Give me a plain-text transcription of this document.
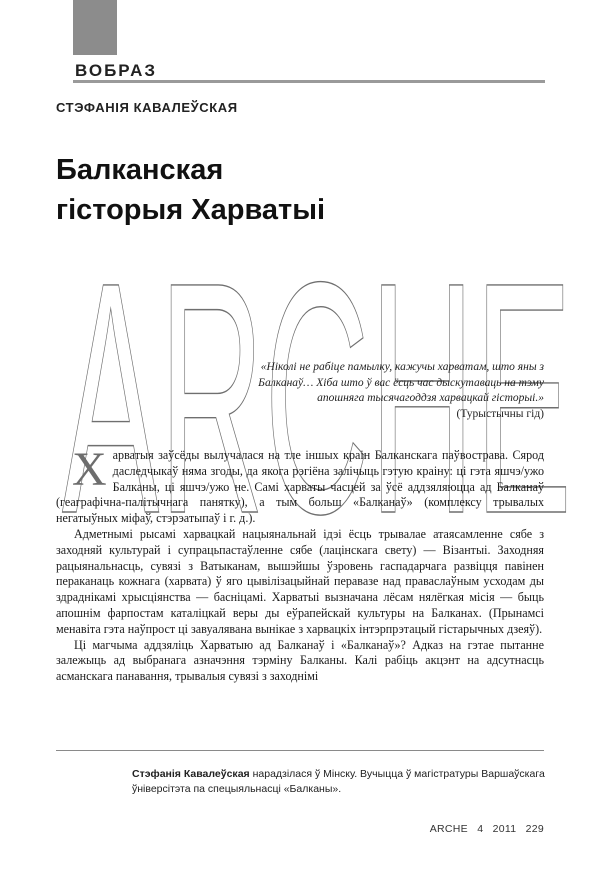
ВОБРАЗ
СТЭФАНІЯ КАВАЛЕЎСКАЯ
Балканская
гісторыя Харватыі
ARCHE
«Ніколі не рабіце памылку, кажучы харватам, што яны з Балканаў… Хіба што ў вас ёсць час дыскутаваць на тэму апошняга тысячагоддзя харвацкай гісторыі.»
(Турыстычны гід)

Харватыя заўсёды вылучалася на тле іншых краін Балканскага паўвострава. Сярод даследчыкаў няма згоды, да якога рэгіёна залічыць гэтую краіну: ці гэта яшчэ/ужо Балканы, ці яшчэ/ужо не. Самі харваты часцей за ўсё аддзяляюцца ад Балканаў (геаграфічна-палітычнага панятку), а тым больш «Балканаў» (комплексу трывалых негатыўных міфаў, стэрэатыпаў і г. д.).

Адметнымі рысамі харвацкай нацыянальнай ідэі ёсць трывалае атаясамленне сябе з заходняй культурай і супрацьпастаўленне сябе (лацінскага свету) — Візантыі. Заходняя рацыянальнасць, сувязі з Ватыканам, вышэйшы ўзровень гаспадарчага развіцця павінен пераканаць кожнага (харвата) ў яго цывілізацыйнай перавазе над праваслаўным усходам ды здраднікамі хрысціянства — басніцамі. Харватыі вызначана лёсам нялёгкая місія — быць апошнім фарпостам каталіцкай веры ды еўрапейскай культуры на Балканах. (Прынамсі менавіта гэта наўпрост ці завуалявана вынікае з харвацкіх інтэрпрэтацый гістарычных дзеяў).

Ці магчыма аддзяліць Харватыю ад Балканаў і «Балканаў»? Адказ на гэтае пытанне залежыць ад выбранага азначэння тэрміну Балканы. Калі рабіць акцэнт на адсутнасць асманскага панавання, трывалыя сувязі з заходнімі

Стэфанія Кавалеўская нарадзілася ў Мінску. Вучыцца ў магістратуры Варшаўскага ўніверсітэта па спецыяльнасці «Балканы».
ARCHE 4 2011 229
